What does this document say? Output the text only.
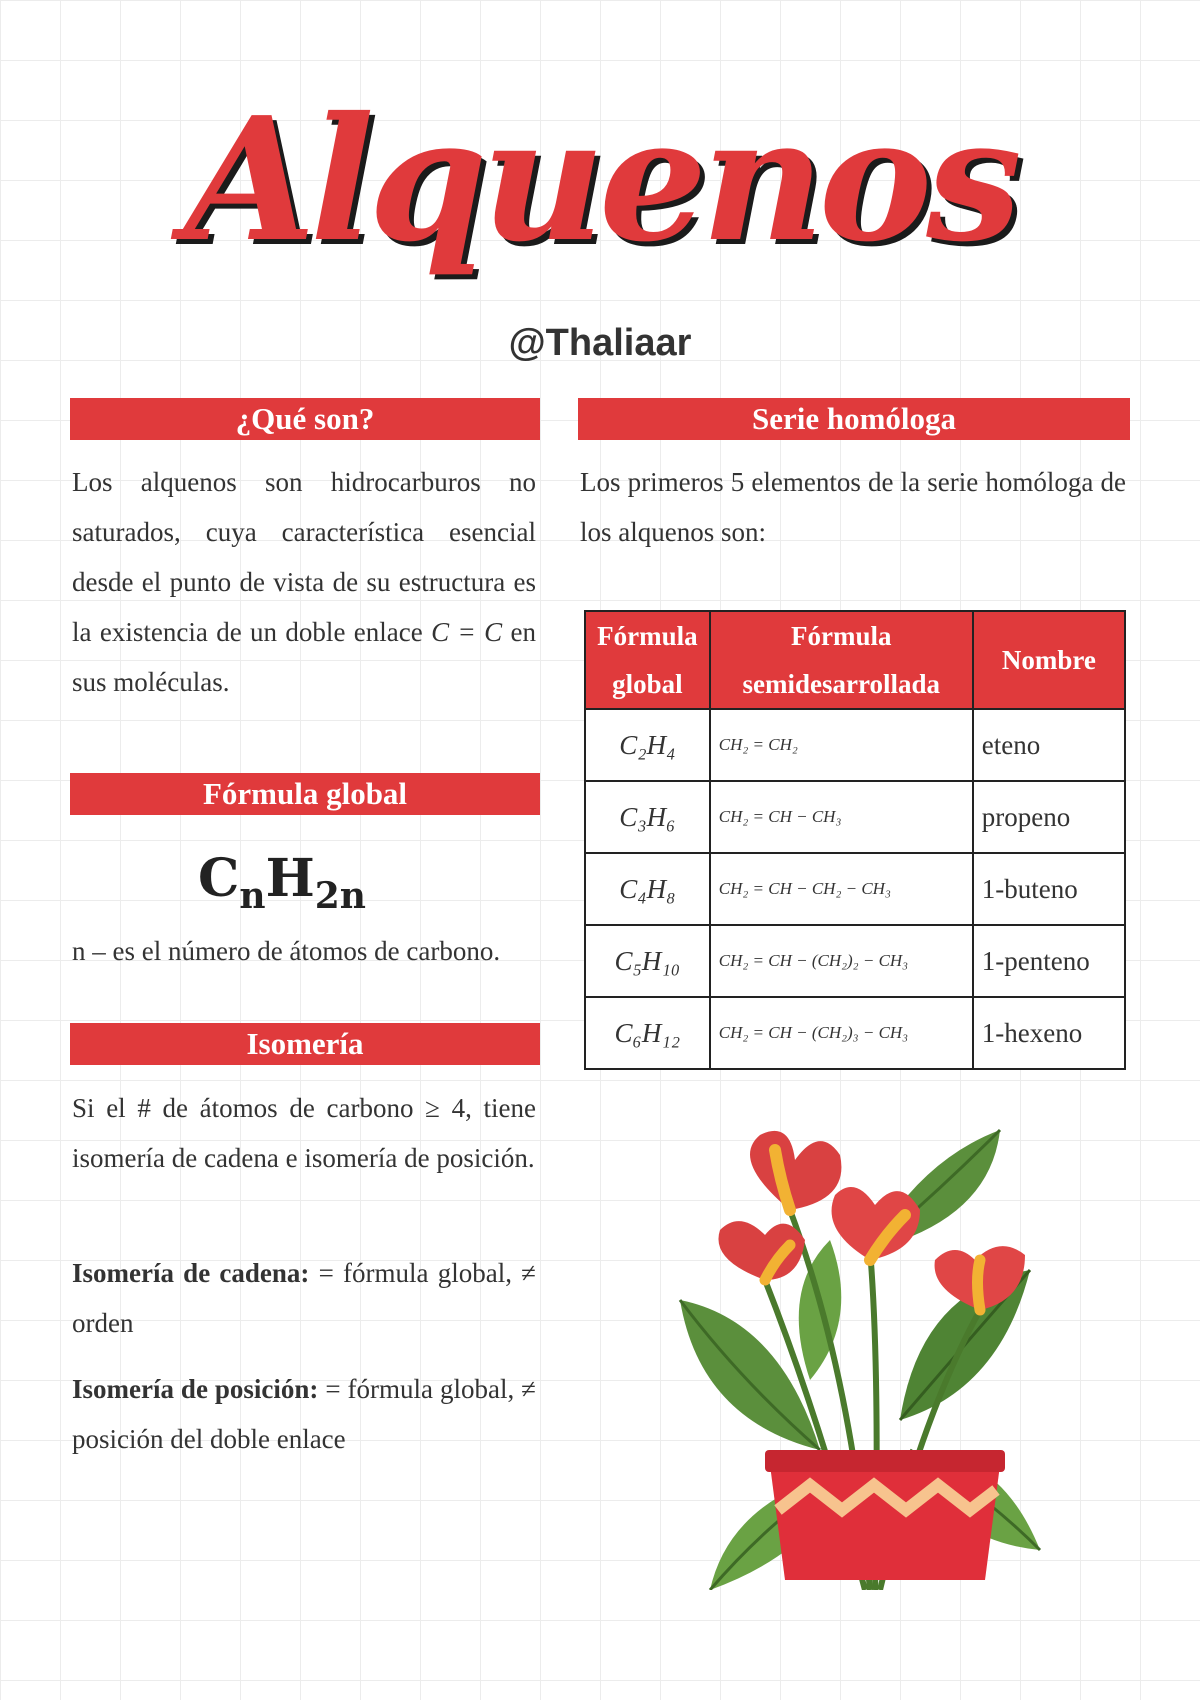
Alquenos
@Thaliaar
¿Qué son?
Los alquenos son hidrocarburos no saturados, cuya característica esencial desde el punto de vista de su estructura es la existencia de un doble enlace C = C en sus moléculas.
Fórmula global
$C_nH_{2n}$
n – es el número de átomos de carbono.
Isomería
Si el # de átomos de carbono ≥ 4, tiene isomería de cadena e isomería de posición.
Isomería de cadena: = fórmula global, ≠ orden
Isomería de posición: = fórmula global, ≠ posición del doble enlace
Serie homóloga
Los primeros 5 elementos de la serie homóloga de los alquenos son:
Fórmula global	Fórmula semidesarrollada	Nombre
C₂H₄	CH₂ = CH₂	eteno
C₃H₆	CH₂ = CH − CH₃	propeno
C₄H₈	CH₂ = CH − CH₂ − CH₃	1-buteno
C₅H₁₀	CH₂ = CH − (CH₂)₂ − CH₃	1-penteno
C₆H₁₂	CH₂ = CH − (CH₂)₃ − CH₃	1-hexeno
